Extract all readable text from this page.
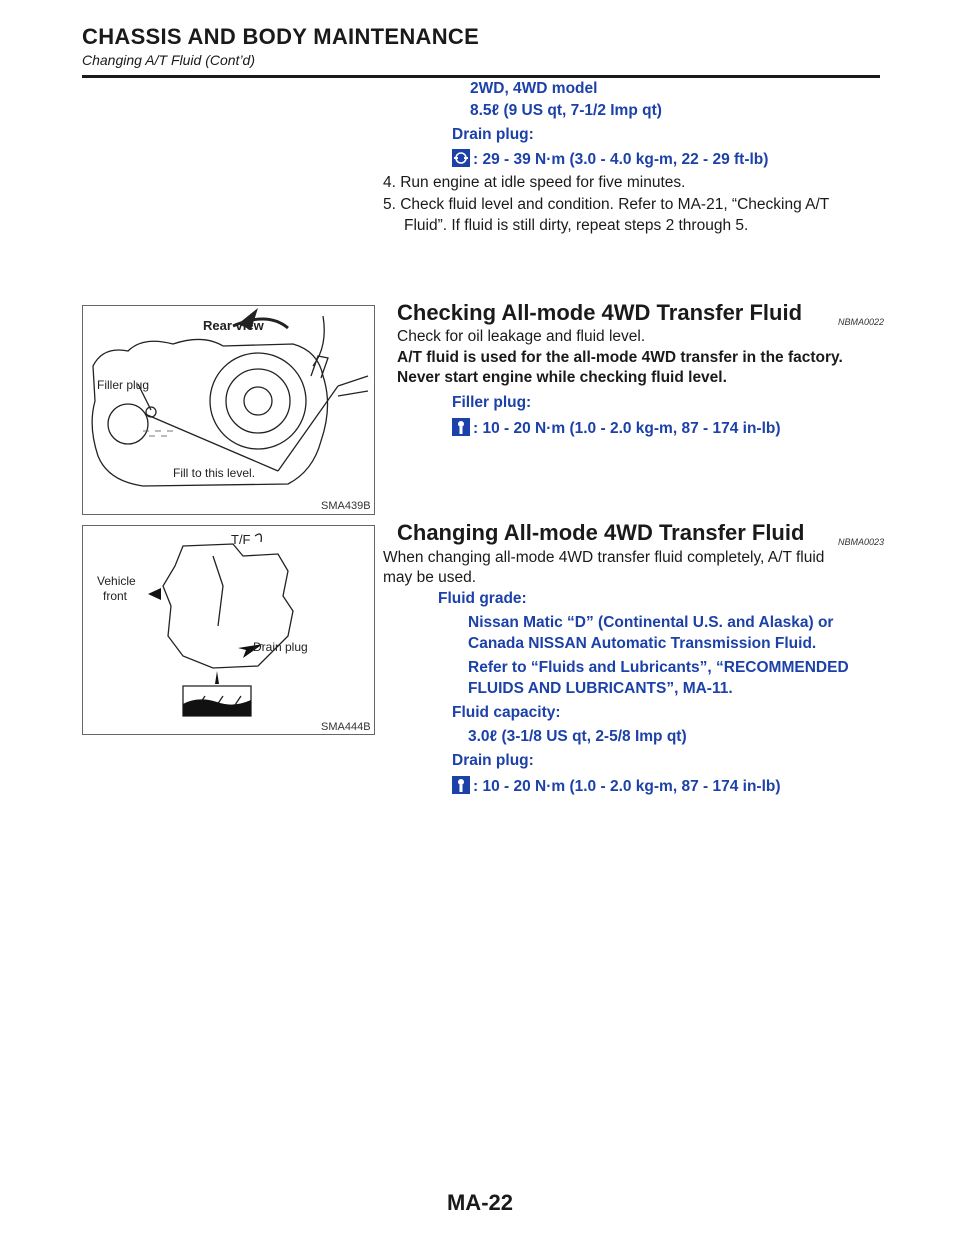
CHASSIS AND BODY MAINTENANCE
Changing A/T Fluid (Cont’d)
2WD, 4WD model
8.5ℓ (9 US qt, 7-1/2 Imp qt)
Drain plug:
: 29 - 39 N·m (3.0 - 4.0 kg-m, 22 - 29 ft-lb)
4. Run engine at idle speed for five minutes.
5. Check fluid level and condition. Refer to MA-21, “Checking A/T
Fluid”. If fluid is still dirty, repeat steps 2 through 5.
Rear view
Filler plug
Fill to this level.
SMA439B
Checking All-mode 4WD Transfer Fluid	NBMA0022
Check for oil leakage and fluid level.
A/T fluid is used for the all-mode 4WD transfer in the factory.
Never start engine while checking fluid level.
Filler plug:
: 10 - 20 N·m (1.0 - 2.0 kg-m, 87 - 174 in-lb)
T/F
Vehicle
front
Drain plug
SMA444B
Changing All-mode 4WD Transfer Fluid	NBMA0023
When changing all-mode 4WD transfer fluid completely, A/T fluid
may be used.
Fluid grade:
Nissan Matic “D” (Continental U.S. and Alaska) or
Canada NISSAN Automatic Transmission Fluid.
Refer to “Fluids and Lubricants”, “RECOMMENDED
FLUIDS AND LUBRICANTS”, MA-11.
Fluid capacity:
3.0ℓ (3-1/8 US qt, 2-5/8 Imp qt)
Drain plug:
: 10 - 20 N·m (1.0 - 2.0 kg-m, 87 - 174 in-lb)
MA-22
